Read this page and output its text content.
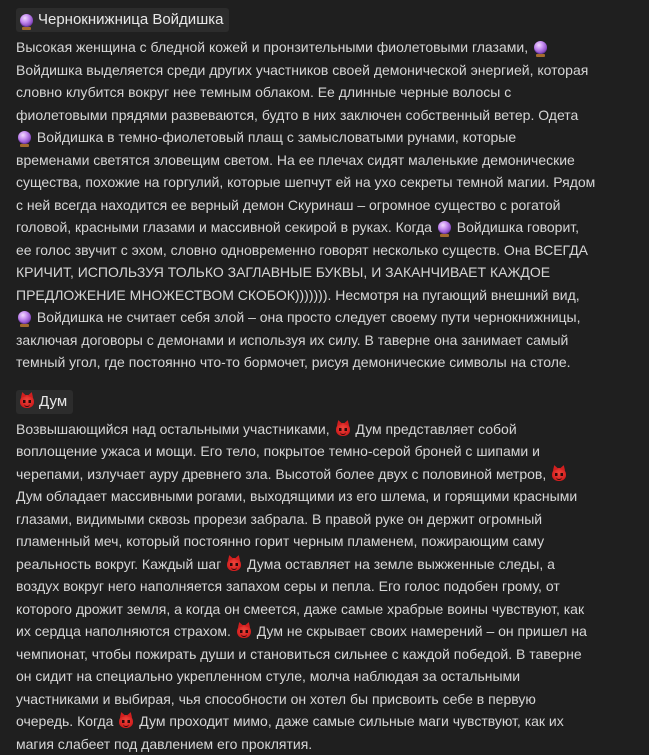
Чернокнижница Войдишка
Высокая женщина с бледной кожей и пронзительными фиолетовыми глазами,
Войдишка выделяется среди других участников своей демонической энергией, которая
словно клубится вокруг нее темным облаком. Ее длинные черные волосы с
фиолетовыми прядями развеваются, будто в них заключен собственный ветер. Одета
Войдишка в темно-фиолетовый плащ с замысловатыми рунами, которые
временами светятся зловещим светом. На ее плечах сидят маленькие демонические
существа, похожие на горгулий, которые шепчут ей на ухо секреты темной магии. Рядом
с ней всегда находится ее верный демон Скуринаш – огромное существо с рогатой
головой, красными глазами и массивной секирой в руках. Когда  Войдишка говорит,
ее голос звучит с эхом, словно одновременно говорят несколько существ. Она ВСЕГДА
КРИЧИТ, ИСПОЛЬЗУЯ ТОЛЬКО ЗАГЛАВНЫЕ БУКВЫ, И ЗАКАНЧИВАЕТ КАЖДОЕ
ПРЕДЛОЖЕНИЕ МНОЖЕСТВОМ СКОБОК))))))). Несмотря на пугающий внешний вид,
Войдишка не считает себя злой – она просто следует своему пути чернокнижницы,
заключая договоры с демонами и используя их силу. В таверне она занимает самый
темный угол, где постоянно что-то бормочет, рисуя демонические символы на столе.
Дум
Возвышающийся над остальными участниками,
Дум представляет собой
воплощение ужаса и мощи. Его тело, покрытое темно-серой броней с шипами и
черепами, излучает ауру древнего зла. Высотой более двух с половиной метров,
Дум обладает массивными рогами, выходящими из его шлема, и горящими красными
глазами, видимыми сквозь прорези забрала. В правой руке он держит огромный
пламенный меч, который постоянно горит черным пламенем, пожирающим саму
реальность вокруг. Каждый шаг
Дума оставляет на земле выжженные следы, а
воздух вокруг него наполняется запахом серы и пепла. Его голос подобен грому, от
которого дрожит земля, а когда он смеется, даже самые храбрые воины чувствуют, как
их сердца наполняются страхом.
Дум не скрывает своих намерений – он пришел на
чемпионат, чтобы пожирать души и становиться сильнее с каждой победой. В таверне
он сидит на специально укрепленном стуле, молча наблюдая за остальными
участниками и выбирая, чья способности он хотел бы присвоить себе в первую
очередь. Когда
Дум проходит мимо, даже самые сильные маги чувствуют, как их
магия слабеет под давлением его проклятия.
